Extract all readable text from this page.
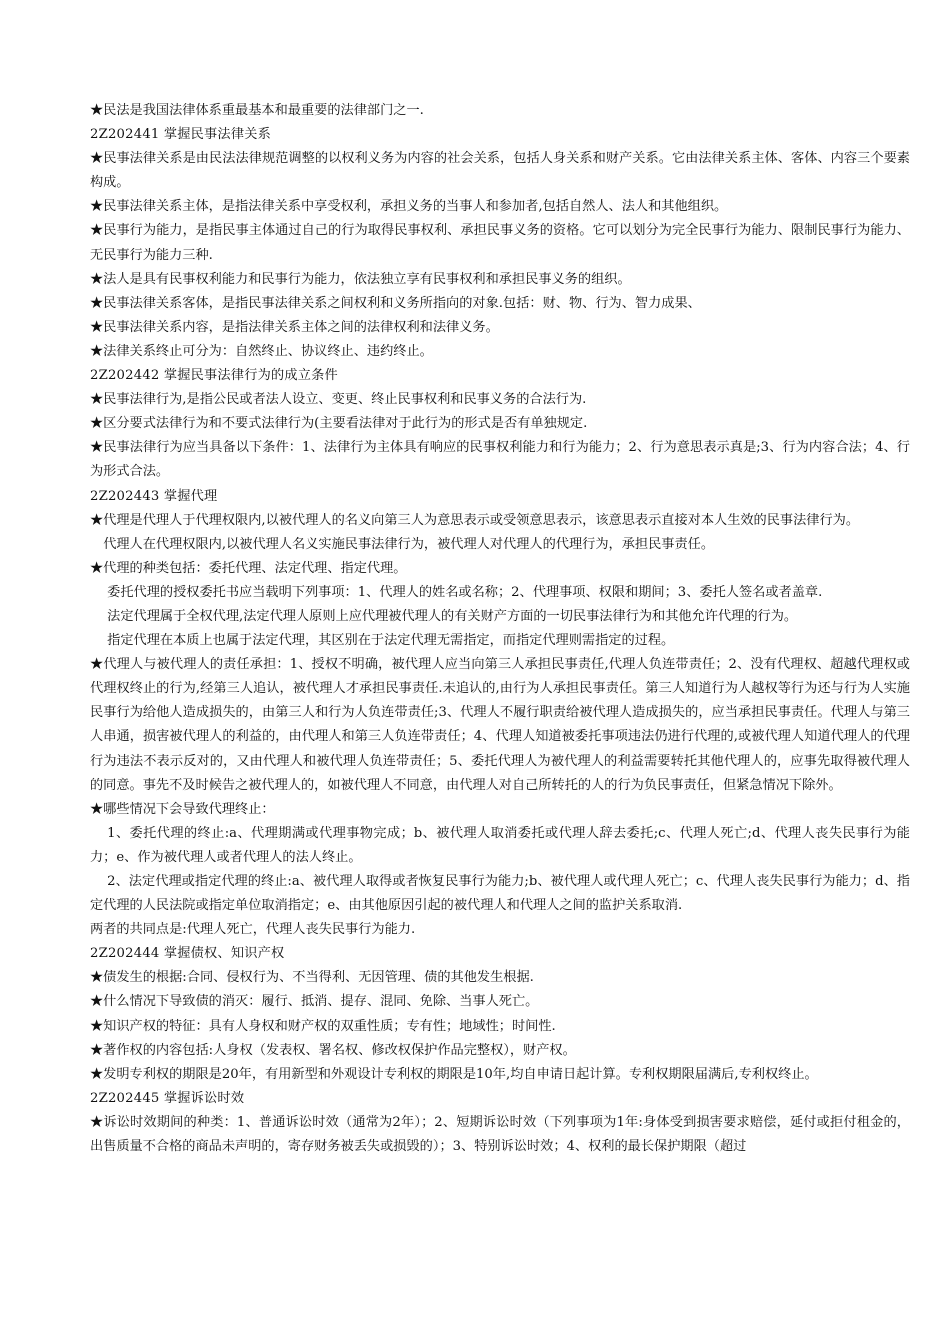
★民法是我国法律体系重最基本和最重要的法律部门之一.

2Z202441 掌握民事法律关系

★民事法律关系是由民法法律规范调整的以权利义务为内容的社会关系，包括人身关系和财产关系。它由法律关系主体、客体、内容三个要素构成。

★民事法律关系主体，是指法律关系中享受权利，承担义务的当事人和参加者,包括自然人、法人和其他组织。

★民事行为能力，是指民事主体通过自己的行为取得民事权利、承担民事义务的资格。它可以划分为完全民事行为能力、限制民事行为能力、无民事行为能力三种.

★法人是具有民事权利能力和民事行为能力，依法独立享有民事权利和承担民事义务的组织。

★民事法律关系客体，是指民事法律关系之间权利和义务所指向的对象.包括：财、物、行为、智力成果、

★民事法律关系内容，是指法律关系主体之间的法律权利和法律义务。

★法律关系终止可分为：自然终止、协议终止、违约终止。

2Z202442 掌握民事法律行为的成立条件

★民事法律行为,是指公民或者法人设立、变更、终止民事权利和民事义务的合法行为.

★区分要式法律行为和不要式法律行为(主要看法律对于此行为的形式是否有单独规定.

★民事法律行为应当具备以下条件：1、法律行为主体具有响应的民事权利能力和行为能力；2、行为意思表示真是;3、行为内容合法；4、行为形式合法。

2Z202443 掌握代理

★代理是代理人于代理权限内,以被代理人的名义向第三人为意思表示或受领意思表示，该意思表示直接对本人生效的民事法律行为。

代理人在代理权限内,以被代理人名义实施民事法律行为，被代理人对代理人的代理行为，承担民事责任。

★代理的种类包括：委托代理、法定代理、指定代理。

委托代理的授权委托书应当载明下列事项：1、代理人的姓名或名称；2、代理事项、权限和期间；3、委托人签名或者盖章.

法定代理属于全权代理,法定代理人原则上应代理被代理人的有关财产方面的一切民事法律行为和其他允许代理的行为。

指定代理在本质上也属于法定代理，其区别在于法定代理无需指定，而指定代理则需指定的过程。

★代理人与被代理人的责任承担：1、授权不明确，被代理人应当向第三人承担民事责任,代理人负连带责任；2、没有代理权、超越代理权或代理权终止的行为,经第三人追认，被代理人才承担民事责任.未追认的,由行为人承担民事责任。第三人知道行为人越权等行为还与行为人实施民事行为给他人造成损失的，由第三人和行为人负连带责任;3、代理人不履行职责给被代理人造成损失的，应当承担民事责任。代理人与第三人串通，损害被代理人的利益的，由代理人和第三人负连带责任；4、代理人知道被委托事项违法仍进行代理的,或被代理人知道代理人的代理行为违法不表示反对的，又由代理人和被代理人负连带责任；5、委托代理人为被代理人的利益需要转托其他代理人的，应事先取得被代理人的同意。事先不及时候告之被代理人的，如被代理人不同意，由代理人对自己所转托的人的行为负民事责任，但紧急情况下除外。

★哪些情况下会导致代理终止：

1、委托代理的终止:a、代理期满或代理事物完成；b、被代理人取消委托或代理人辞去委托;c、代理人死亡;d、代理人丧失民事行为能力；e、作为被代理人或者代理人的法人终止。

2、法定代理或指定代理的终止:a、被代理人取得或者恢复民事行为能力;b、被代理人或代理人死亡；c、代理人丧失民事行为能力；d、指定代理的人民法院或指定单位取消指定；e、由其他原因引起的被代理人和代理人之间的监护关系取消.

两者的共同点是:代理人死亡，代理人丧失民事行为能力.

2Z202444 掌握债权、知识产权

★债发生的根据:合同、侵权行为、不当得利、无因管理、债的其他发生根据.

★什么情况下导致债的消灭：履行、抵消、提存、混同、免除、当事人死亡。

★知识产权的特征：具有人身权和财产权的双重性质；专有性；地域性；时间性.

★著作权的内容包括:人身权（发表权、署名权、修改权保护作品完整权），财产权。

★发明专利权的期限是20年，有用新型和外观设计专利权的期限是10年,均自申请日起计算。专利权期限届满后,专利权终止。

2Z202445 掌握诉讼时效

★诉讼时效期间的种类：1、普通诉讼时效（通常为2年）；2、短期诉讼时效（下列事项为1年:身体受到损害要求赔偿，延付或拒付租金的，出售质量不合格的商品未声明的，寄存财务被丢失或损毁的）；3、特别诉讼时效；4、权利的最长保护期限（超过
